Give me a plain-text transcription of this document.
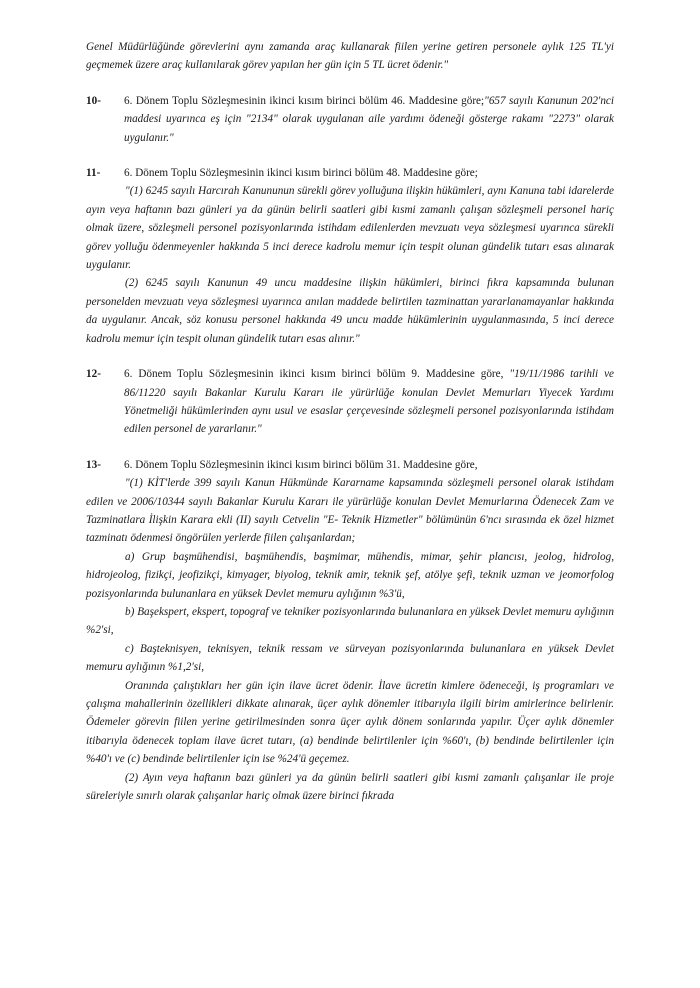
Genel Müdürlüğünde görevlerini aynı zamanda araç kullanarak fiilen yerine getiren personele aylık 125 TL'yi geçmemek üzere araç kullanılarak görev yapılan her gün için 5 TL ücret ödenir."

10-	6. Dönem Toplu Sözleşmesinin ikinci kısım birinci bölüm 46. Maddesine göre;"657 sayılı Kanunun 202'nci maddesi uyarınca eş için "2134" olarak uygulanan aile yardımı ödeneği gösterge rakamı "2273" olarak uygulanır."
11-	6. Dönem Toplu Sözleşmesinin ikinci kısım birinci bölüm 48. Maddesine göre;

"(1) 6245 sayılı Harcırah Kanununun sürekli görev yolluğuna ilişkin hükümleri, aynı Kanuna tabi idarelerde ayın veya haftanın bazı günleri ya da günün belirli saatleri gibi kısmi zamanlı çalışan sözleşmeli personel hariç olmak üzere, sözleşmeli personel pozisyonlarında istihdam edilenlerden mevzuatı veya sözleşmesi uyarınca sürekli görev yolluğu ödenmeyenler hakkında 5 inci derece kadrolu memur için tespit olunan gündelik tutarı esas alınarak uygulanır.

(2) 6245 sayılı Kanunun 49 uncu maddesine ilişkin hükümleri, birinci fıkra kapsamında bulunan personelden mevzuatı veya sözleşmesi uyarınca anılan maddede belirtilen tazminattan yararlanamayanlar hakkında da uygulanır. Ancak, söz konusu personel hakkında 49 uncu madde hükümlerinin uygulanmasında, 5 inci derece kadrolu memur için tespit olunan gündelik tutarı esas alınır."

12-	6. Dönem Toplu Sözleşmesinin ikinci kısım birinci bölüm 9. Maddesine göre, "19/11/1986 tarihli ve 86/11220 sayılı Bakanlar Kurulu Kararı ile yürürlüğe konulan Devlet Memurları Yiyecek Yardımı Yönetmeliği hükümlerinden aynı usul ve esaslar çerçevesinde sözleşmeli personel pozisyonlarında istihdam edilen personel de yararlanır."
13-	6. Dönem Toplu Sözleşmesinin ikinci kısım birinci bölüm 31. Maddesine göre,

"(1) KİT'lerde 399 sayılı Kanun Hükmünde Kararname kapsamında sözleşmeli personel olarak istihdam edilen ve 2006/10344 sayılı Bakanlar Kurulu Kararı ile yürürlüğe konulan Devlet Memurlarına Ödenecek Zam ve Tazminatlara İlişkin Karara ekli (II) sayılı Cetvelin "E- Teknik Hizmetler" bölümünün 6'ncı sırasında ek özel hizmet tazminatı ödenmesi öngörülen yerlerde fiilen çalışanlardan;

a) Grup başmühendisi, başmühendis, başmimar, mühendis, mimar, şehir plancısı, jeolog, hidrolog, hidrojeolog, fizikçi, jeofizikçi, kimyager, biyolog, teknik amir, teknik şef, atölye şefi, teknik uzman ve jeomorfolog pozisyonlarında bulunanlara en yüksek Devlet memuru aylığının %3'ü,

b) Başekspert, ekspert, topograf ve tekniker pozisyonlarında bulunanlara en yüksek Devlet memuru aylığının %2'si,

c) Başteknisyen, teknisyen, teknik ressam ve sürveyan pozisyonlarında bulunanlara en yüksek Devlet memuru aylığının %1,2'si,

Oranında çalıştıkları her gün için ilave ücret ödenir. İlave ücretin kimlere ödeneceği, iş programları ve çalışma mahallerinin özellikleri dikkate alınarak, üçer aylık dönemler itibarıyla ilgili birim amirlerince belirlenir. Ödemeler görevin fiilen yerine getirilmesinden sonra üçer aylık dönem sonlarında yapılır. Üçer aylık dönemler itibarıyla ödenecek toplam ilave ücret tutarı, (a) bendinde belirtilenler için %60'ı, (b) bendinde belirtilenler için %40'ı ve (c) bendinde belirtilenler için ise %24'ü geçemez.

(2) Ayın veya haftanın bazı günleri ya da günün belirli saatleri gibi kısmi zamanlı çalışanlar ile proje süreleriyle sınırlı olarak çalışanlar hariç olmak üzere birinci fıkrada
